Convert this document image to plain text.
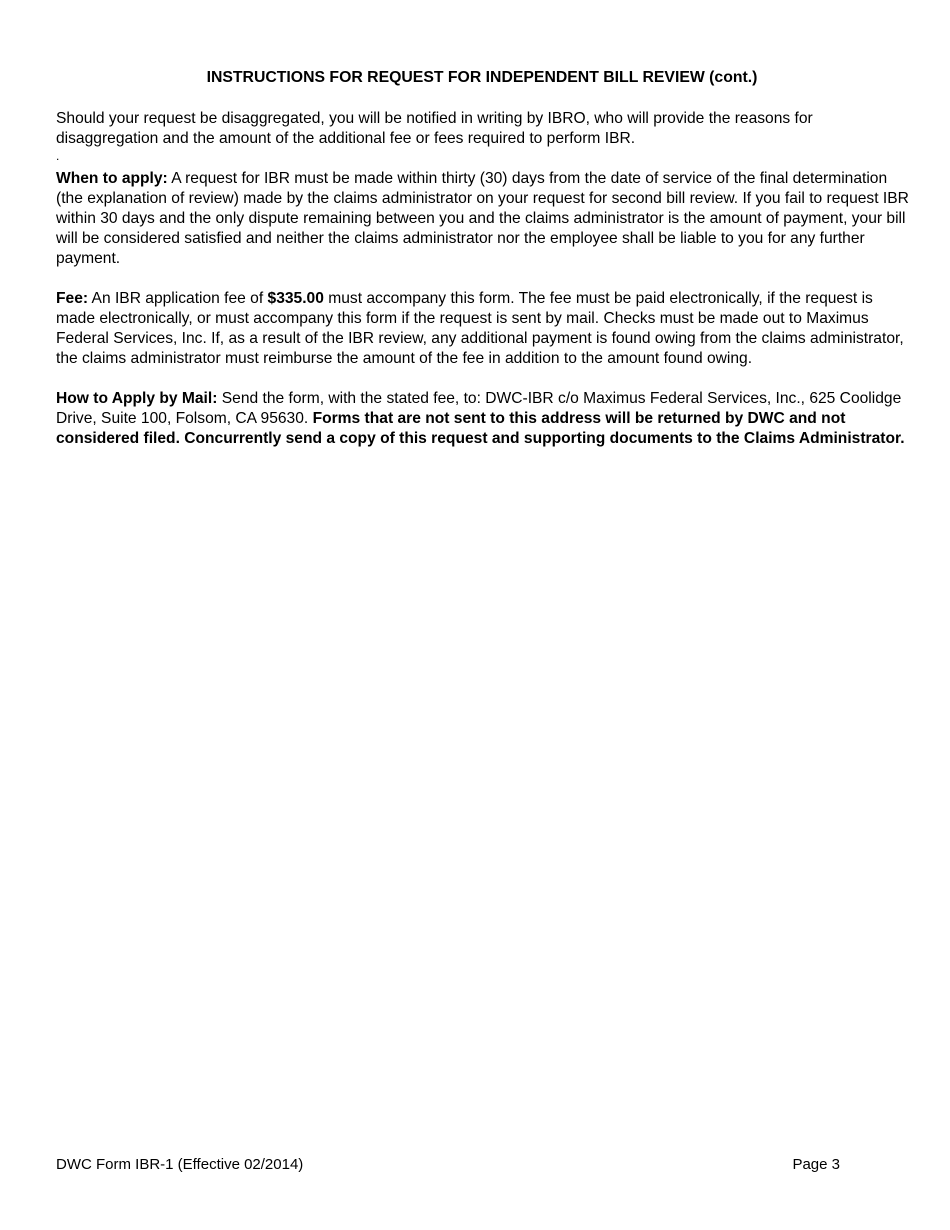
INSTRUCTIONS FOR REQUEST FOR INDEPENDENT BILL REVIEW (cont.)

Should your request be disaggregated, you will be notified in writing by IBRO, who will provide the reasons for disaggregation and the amount of the additional fee or fees required to perform IBR.

.

When to apply: A request for IBR must be made within thirty (30) days from the date of service of the final determination (the explanation of review) made by the claims administrator on your request for second bill review. If you fail to request IBR within 30 days and the only dispute remaining between you and the claims administrator is the amount of payment, your bill will be considered satisfied and neither the claims administrator nor the employee shall be liable to you for any further payment.

Fee: An IBR application fee of $335.00 must accompany this form. The fee must be paid electronically, if the request is made electronically, or must accompany this form if the request is sent by mail. Checks must be made out to Maximus Federal Services, Inc. If, as a result of the IBR review, any additional payment is found owing from the claims administrator, the claims administrator must reimburse the amount of the fee in addition to the amount found owing.

How to Apply by Mail: Send the form, with the stated fee, to: DWC-IBR c/o Maximus Federal Services, Inc., 625 Coolidge Drive, Suite 100, Folsom, CA 95630. Forms that are not sent to this address will be returned by DWC and not considered filed. Concurrently send a copy of this request and supporting documents to the Claims Administrator.

DWC Form IBR-1 (Effective 02/2014)	Page 3
